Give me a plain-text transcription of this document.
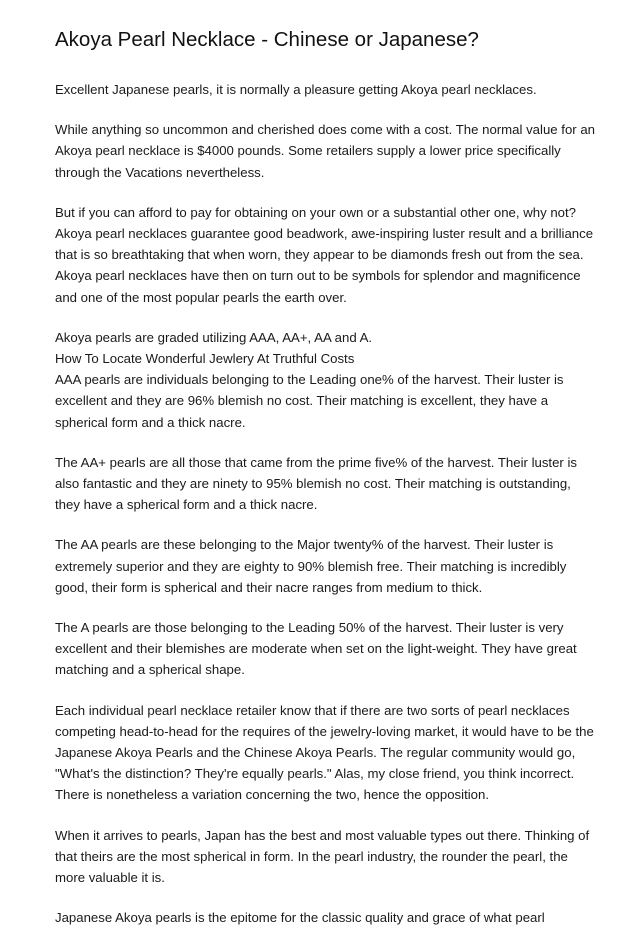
Akoya Pearl Necklace - Chinese or Japanese?

Excellent Japanese pearls, it is normally a pleasure getting Akoya pearl necklaces.

While anything so uncommon and cherished does come with a cost. The normal value for an
Akoya pearl necklace is $4000 pounds. Some retailers supply a lower price specifically
through the Vacations nevertheless.

But if you can afford to pay for obtaining on your own or a substantial other one, why not?
Akoya pearl necklaces guarantee good beadwork, awe-inspiring luster result and a brilliance
that is so breathtaking that when worn, they appear to be diamonds fresh out from the sea.
Akoya pearl necklaces have then on turn out to be symbols for splendor and magnificence
and one of the most popular pearls the earth over.

Akoya pearls are graded utilizing AAA, AA+, AA and A.
How To Locate Wonderful Jewlery At Truthful Costs
AAA pearls are individuals belonging to the Leading one% of the harvest. Their luster is
excellent and they are 96% blemish no cost. Their matching is excellent, they have a
spherical form and a thick nacre.

The AA+ pearls are all those that came from the prime five% of the harvest. Their luster is
also fantastic and they are ninety to 95% blemish no cost. Their matching is outstanding,
they have a spherical form and a thick nacre.

The AA pearls are these belonging to the Major twenty% of the harvest. Their luster is
extremely superior and they are eighty to 90% blemish free. Their matching is incredibly
good, their form is spherical and their nacre ranges from medium to thick.

The A pearls are those belonging to the Leading 50% of the harvest. Their luster is very
excellent and their blemishes are moderate when set on the light-weight. They have great
matching and a spherical shape.

Each individual pearl necklace retailer know that if there are two sorts of pearl necklaces
competing head-to-head for the requires of the jewelry-loving market, it would have to be the
Japanese Akoya Pearls and the Chinese Akoya Pearls. The regular community would go,
"What's the distinction? They're equally pearls." Alas, my close friend, you think incorrect.
There is nonetheless a variation concerning the two, hence the opposition.

When it arrives to pearls, Japan has the best and most valuable types out there. Thinking of
that theirs are the most spherical in form. In the pearl industry, the rounder the pearl, the
more valuable it is.

Japanese Akoya pearls is the epitome for the classic quality and grace of what pearl
